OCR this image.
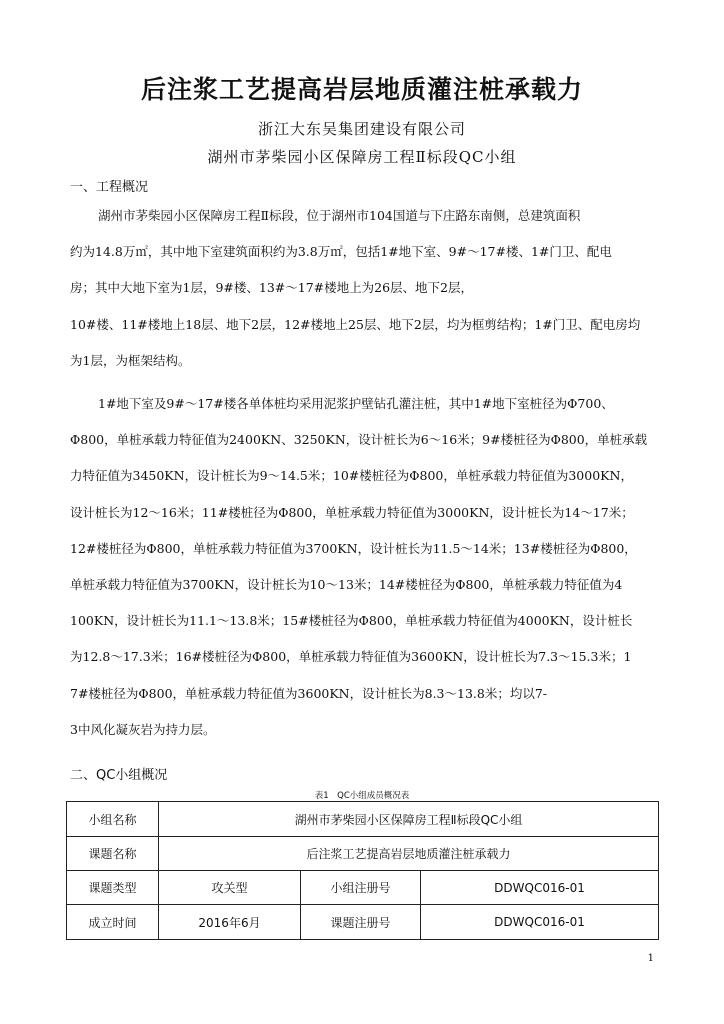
后注浆工艺提高岩层地质灌注桩承载力
浙江大东吴集团建设有限公司
湖州市茅柴园小区保障房工程Ⅱ标段QC小组
一、工程概况
湖州市茅柴园小区保障房工程Ⅱ标段，位于湖州市104国道与下庄路东南侧，总建筑面积
约为14.8万㎡，其中地下室建筑面积约为3.8万㎡，包括1#地下室、9#～17#楼、1#门卫、配电
房；其中大地下室为1层，9#楼、13#～17#楼地上为26层、地下2层，
10#楼、11#楼地上18层、地下2层，12#楼地上25层、地下2层，均为框剪结构；1#门卫、配电房均
为1层，为框架结构。
1#地下室及9#～17#楼各单体桩均采用泥浆护壁钻孔灌注桩，其中1#地下室桩径为Φ700、
Φ800，单桩承载力特征值为2400KN、3250KN，设计桩长为6～16米；9#楼桩径为Φ800，单桩承载
力特征值为3450KN，设计桩长为9～14.5米；10#楼桩径为Φ800，单桩承载力特征值为3000KN，
设计桩长为12～16米；11#楼桩径为Φ800，单桩承载力特征值为3000KN，设计桩长为14～17米；
12#楼桩径为Φ800，单桩承载力特征值为3700KN，设计桩长为11.5～14米；13#楼桩径为Φ800，
单桩承载力特征值为3700KN，设计桩长为10～13米；14#楼桩径为Φ800，单桩承载力特征值为4
100KN，设计桩长为11.1～13.8米；15#楼桩径为Φ800，单桩承载力特征值为4000KN，设计桩长
为12.8～17.3米；16#楼桩径为Φ800，单桩承载力特征值为3600KN，设计桩长为7.3～15.3米；1
7#楼桩径为Φ800，单桩承载力特征值为3600KN，设计桩长为8.3～13.8米；均以7-
3中风化凝灰岩为持力层。
二、QC小组概况
表1　QC小组成员概况表
小组名称	湖州市茅柴园小区保障房工程Ⅱ标段QC小组		
课题名称	后注浆工艺提高岩层地质灌注桩承载力		
课题类型	攻关型	小组注册号	DDWQC016-01
成立时间	2016年6月	课题注册号	DDWQC016-01
1
